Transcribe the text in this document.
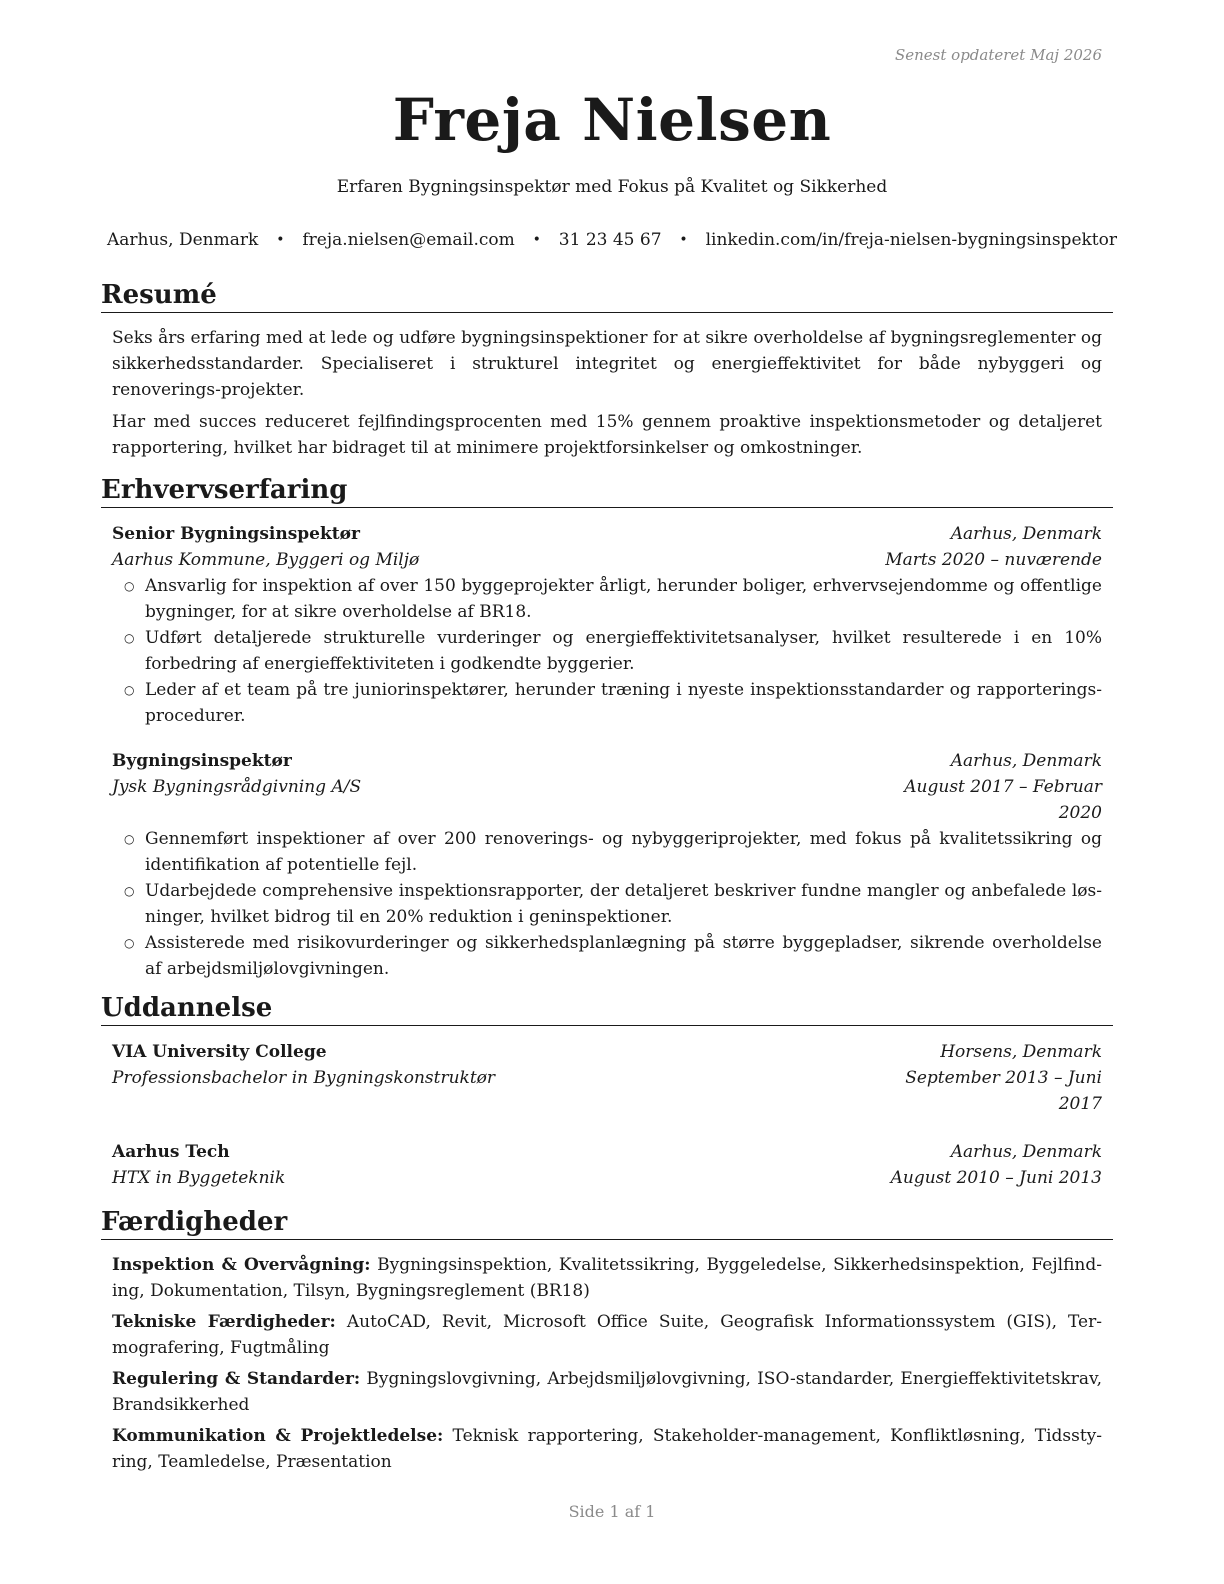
Senest opdateret Maj 2026
Freja Nielsen
Erfaren Bygningsinspektør med Fokus på Kvalitet og Sikkerhed
Aarhus, Denmark • freja.nielsen@email.com • 31 23 45 67 • linkedin.com/in/freja-nielsen-bygningsinspektor
Resumé

Seks års erfaring med at lede og udføre bygningsinspektioner for at sikre overholdelse af bygningsreglementer og sikkerhedsstandarder. Specialiseret i strukturel integritet og energieffektivitet for både nybyggeri og renoverings-projekter.

Har med succes reduceret fejlfindingsprocenten med 15% gennem proaktive inspektionsmetoder og detaljeret rapportering, hvilket har bidraget til at minimere projektforsinkelser og omkostninger.

Erhvervserfaring
Senior Bygningsinspektør	Aarhus, Denmark
Aarhus Kommune, Byggeri og Miljø	Marts 2020 – nuværende
○ Ansvarlig for inspektion af over 150 byggeprojekter årligt, herunder boliger, erhvervsejendomme og offentlige bygninger, for at sikre overholdelse af BR18.
○ Udført detaljerede strukturelle vurderinger og energieffektivitetsanalyser, hvilket resulterede i en 10% forbedring af energieffektiviteten i godkendte byggerier.
○ Leder af et team på tre juniorinspektører, herunder træning i nyeste inspektionsstandarder og rapporterings-procedurer.
Bygningsinspektør	Aarhus, Denmark
Jysk Bygningsrådgivning A/S	August 2017 – Februar 2020
○ Gennemført inspektioner af over 200 renoverings- og nybyggeriprojekter, med fokus på kvalitetssikring og identifikation af potentielle fejl.
○ Udarbejdede comprehensive inspektionsrapporter, der detaljeret beskriver fundne mangler og anbefalede løs-ninger, hvilket bidrog til en 20% reduktion i geninspektioner.
○ Assisterede med risikovurderinger og sikkerhedsplanlægning på større byggepladser, sikrende overholdelse af arbejdsmiljølovgivningen.
Uddannelse
VIA University College	Horsens, Denmark
Professionsbachelor in Bygningskonstruktør	September 2013 – Juni 2017
Aarhus Tech	Aarhus, Denmark
HTX in Byggeteknik	August 2010 – Juni 2013
Færdigheder

Inspektion & Overvågning: Bygningsinspektion, Kvalitetssikring, Byggeledelse, Sikkerhedsinspektion, Fejlfind-ing, Dokumentation, Tilsyn, Bygningsreglement (BR18)

Tekniske Færdigheder: AutoCAD, Revit, Microsoft Office Suite, Geografisk Informationssystem (GIS), Ter-mografering, Fugtmåling

Regulering & Standarder: Bygningslovgivning, Arbejdsmiljølovgivning, ISO-standarder, Energieffektivitetskrav, Brandsikkerhed

Kommunikation & Projektledelse: Teknisk rapportering, Stakeholder-management, Konfliktløsning, Tidssty-ring, Teamledelse, Præsentation

Side 1 af 1
